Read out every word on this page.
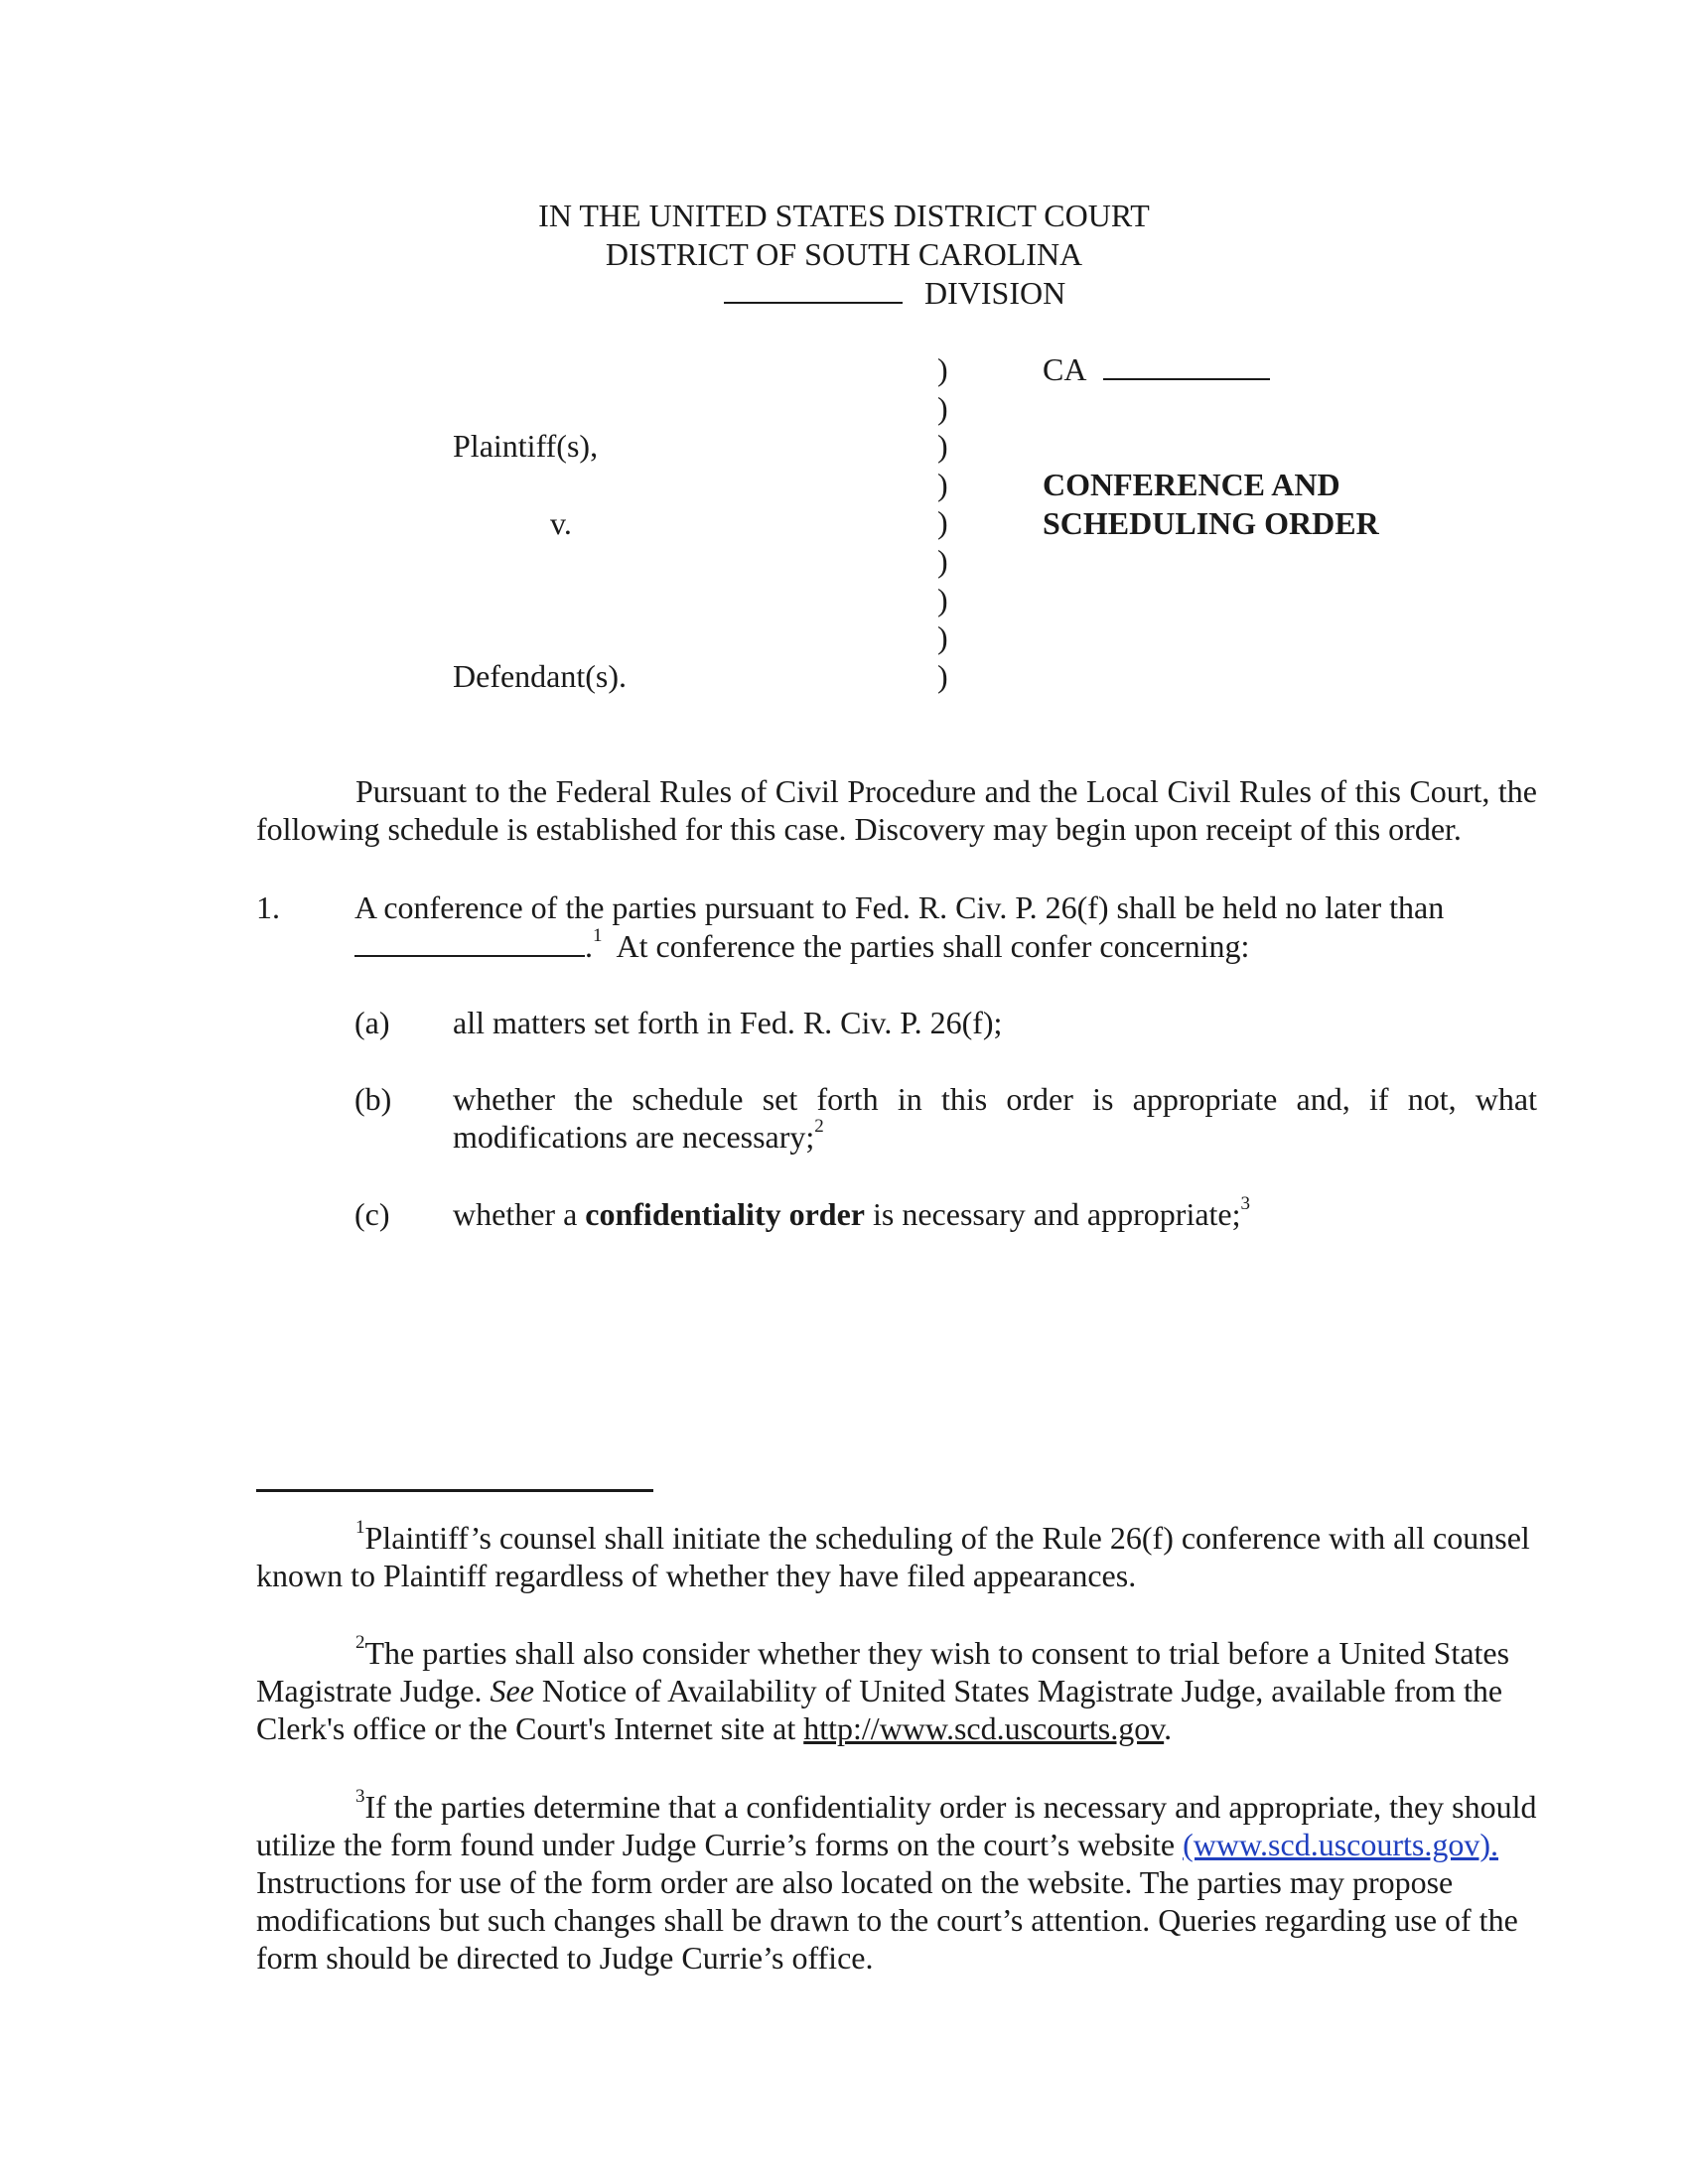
IN THE UNITED STATES DISTRICT COURT
DISTRICT OF SOUTH CAROLINA
DIVISION
)
)
)
)
)
)
)
)
)
Plaintiff(s),
v.
Defendant(s).
CA
CONFERENCE AND
SCHEDULING ORDER
Pursuant to the Federal Rules of Civil Procedure and the Local Civil Rules of this Court, the following schedule is established for this case. Discovery may begin upon receipt of this order.
1. A conference of the parties pursuant to Fed. R. Civ. P. 26(f) shall be held no later than
.$^1$ At conference the parties shall confer concerning:
(a) all matters set forth in Fed. R. Civ. P. 26(f);
(b) whether the schedule set forth in this order is appropriate and, if not, what modifications are necessary;$^2$
(c) whether a confidentiality order is necessary and appropriate;$^3$
$^1$Plaintiff’s counsel shall initiate the scheduling of the Rule 26(f) conference with all counsel known to Plaintiff regardless of whether they have filed appearances.
$^2$The parties shall also consider whether they wish to consent to trial before a United States Magistrate Judge. See Notice of Availability of United States Magistrate Judge, available from the Clerk's office or the Court's Internet site at http://www.scd.uscourts.gov.
$^3$If the parties determine that a confidentiality order is necessary and appropriate, they should utilize the form found under Judge Currie’s forms on the court’s website (www.scd.uscourts.gov). Instructions for use of the form order are also located on the website. The parties may propose modifications but such changes shall be drawn to the court’s attention. Queries regarding use of the form should be directed to Judge Currie’s office.
